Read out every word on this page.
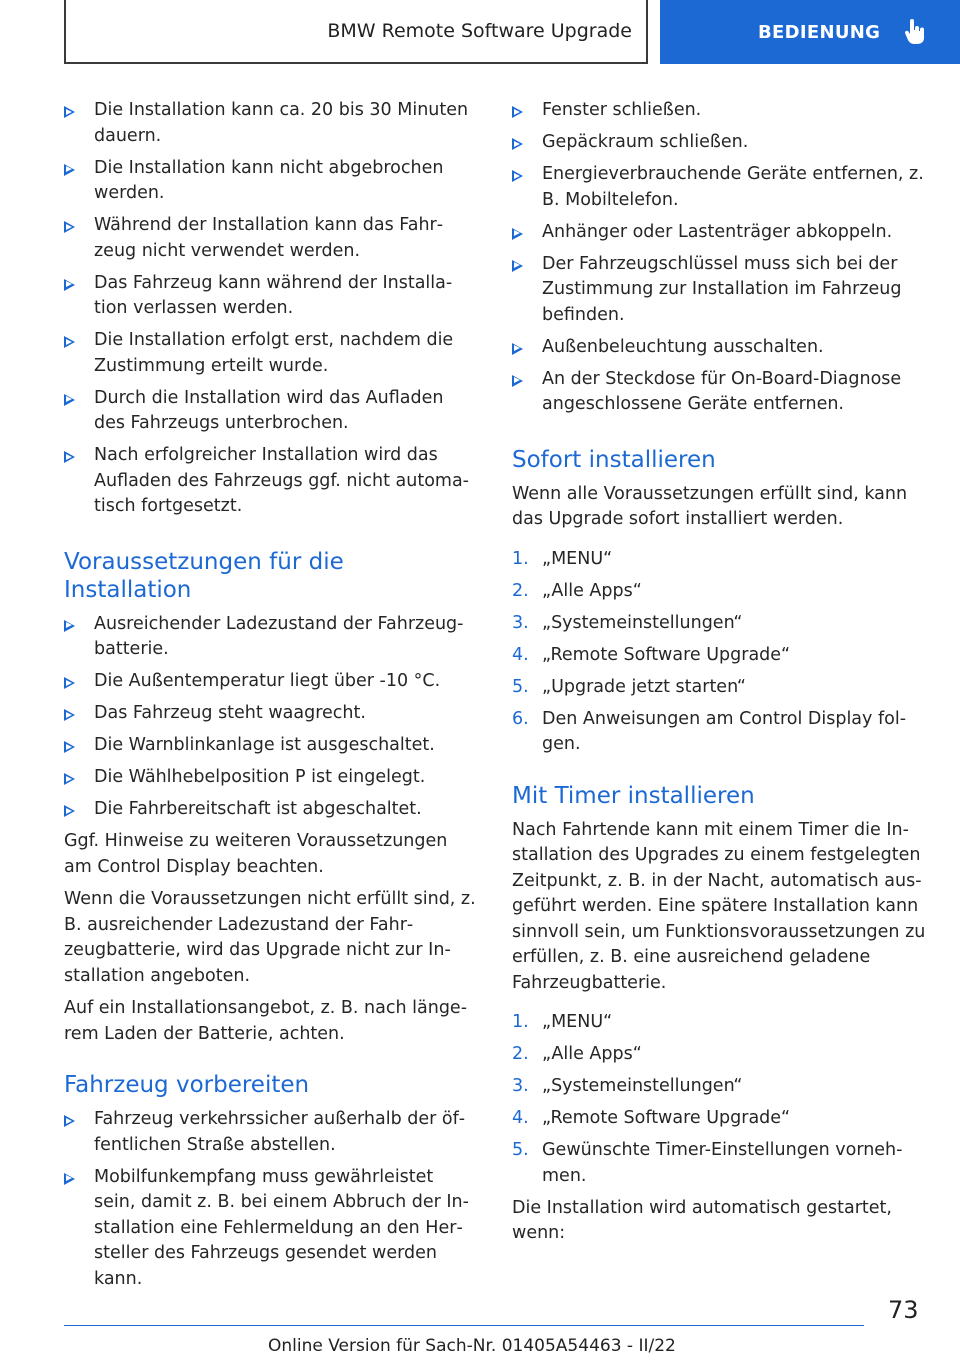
BMW Remote Software Upgrade	BEDIENUNG
Die Installation kann ca. 20 bis 30 Minuten dauern.
Die Installation kann nicht abgebrochen werden.
Während der Installation kann das Fahrzeug nicht verwendet werden.
Das Fahrzeug kann während der Installation verlassen werden.
Die Installation erfolgt erst, nachdem die Zustimmung erteilt wurde.
Durch die Installation wird das Aufladen des Fahrzeugs unterbrochen.
Nach erfolgreicher Installation wird das Aufladen des Fahrzeugs ggf. nicht automatisch fortgesetzt.
Voraussetzungen für die Installation
Ausreichender Ladezustand der Fahrzeugbatterie.
Die Außentemperatur liegt über -10 °C.
Das Fahrzeug steht waagrecht.
Die Warnblinkanlage ist ausgeschaltet.
Die Wählhebelposition P ist eingelegt.
Die Fahrbereitschaft ist abgeschaltet.
Ggf. Hinweise zu weiteren Voraussetzungen am Control Display beachten.
Wenn die Voraussetzungen nicht erfüllt sind, z. B. ausreichender Ladezustand der Fahrzeugbatterie, wird das Upgrade nicht zur Installation angeboten.
Auf ein Installationsangebot, z. B. nach längerem Laden der Batterie, achten.
Fahrzeug vorbereiten
Fahrzeug verkehrssicher außerhalb der öffentlichen Straße abstellen.
Mobilfunkempfang muss gewährleistet sein, damit z. B. bei einem Abbruch der Installation eine Fehlermeldung an den Hersteller des Fahrzeugs gesendet werden kann.
Fenster schließen.
Gepäckraum schließen.
Energieverbrauchende Geräte entfernen, z. B. Mobiltelefon.
Anhänger oder Lastenträger abkoppeln.
Der Fahrzeugschlüssel muss sich bei der Zustimmung zur Installation im Fahrzeug befinden.
Außenbeleuchtung ausschalten.
An der Steckdose für On-Board-Diagnose angeschlossene Geräte entfernen.
Sofort installieren
Wenn alle Voraussetzungen erfüllt sind, kann das Upgrade sofort installiert werden.
1. „MENU“
2. „Alle Apps“
3. „Systemeinstellungen“
4. „Remote Software Upgrade“
5. „Upgrade jetzt starten“
6. Den Anweisungen am Control Display folgen.
Mit Timer installieren
Nach Fahrtende kann mit einem Timer die Installation des Upgrades zu einem festgelegten Zeitpunkt, z. B. in der Nacht, automatisch ausgeführt werden. Eine spätere Installation kann sinnvoll sein, um Funktionsvoraussetzungen zu erfüllen, z. B. eine ausreichend geladene Fahrzeugbatterie.
1. „MENU“
2. „Alle Apps“
3. „Systemeinstellungen“
4. „Remote Software Upgrade“
5. Gewünschte Timer-Einstellungen vornehmen.
Die Installation wird automatisch gestartet, wenn:
73
Online Version für Sach-Nr. 01405A54463 - II/22
